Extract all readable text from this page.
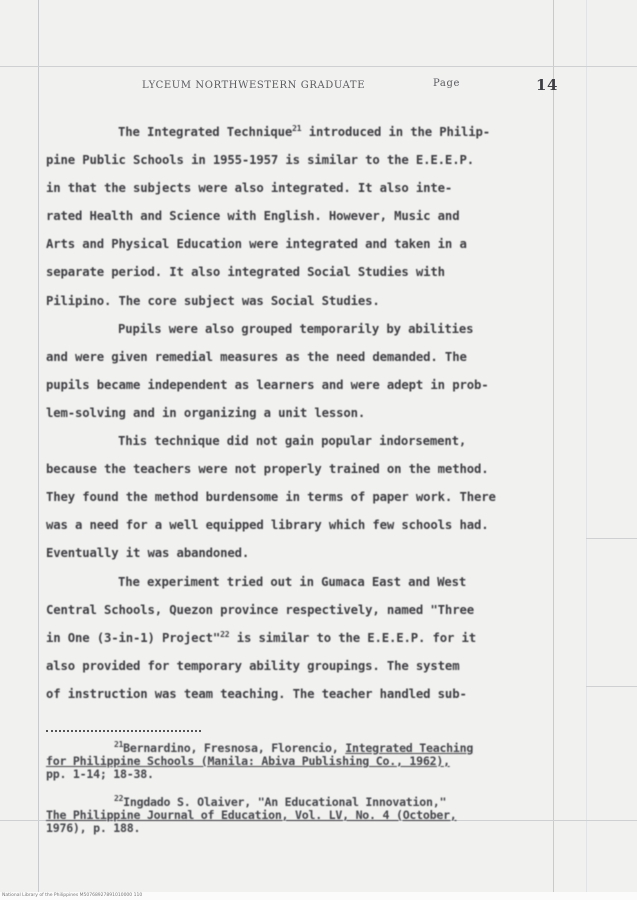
LYCEUM NORTHWESTERN GRADUATE	Page	14
The Integrated Technique$^{21}$ introduced in the Philip-
pine Public Schools in 1955-1957 is similar to the E.E.E.P.
in that the subjects were also integrated. It also inte-
rated Health and Science with English. However, Music and
Arts and Physical Education were integrated and taken in a
separate period. It also integrated Social Studies with
Pilipino. The core subject was Social Studies.
Pupils were also grouped temporarily by abilities
and were given remedial measures as the need demanded. The
pupils became independent as learners and were adept in prob-
lem-solving and in organizing a unit lesson.
This technique did not gain popular indorsement,
because the teachers were not properly trained on the method.
They found the method burdensome in terms of paper work. There
was a need for a well equipped library which few schools had.
Eventually it was abandoned.
The experiment tried out in Gumaca East and West
Central Schools, Quezon province respectively, named "Three
in One (3-in-1) Project"$^{22}$ is similar to the E.E.E.P. for it
also provided for temporary ability groupings. The system
of instruction was team teaching. The teacher handled sub-
$^{21}$Bernardino, Fresnosa, Florencio, Integrated Teaching
for Philippine Schools (Manila: Abiva Publishing Co., 1962),
pp. 1-14; 18-38.
$^{22}$Ingdado S. Olaiver, "An Educational Innovation,"
The Philippine Journal of Education, Vol. LV, No. 4 (October,
1976), p. 188.
National Library of the Philippines M50768927891010000 110
